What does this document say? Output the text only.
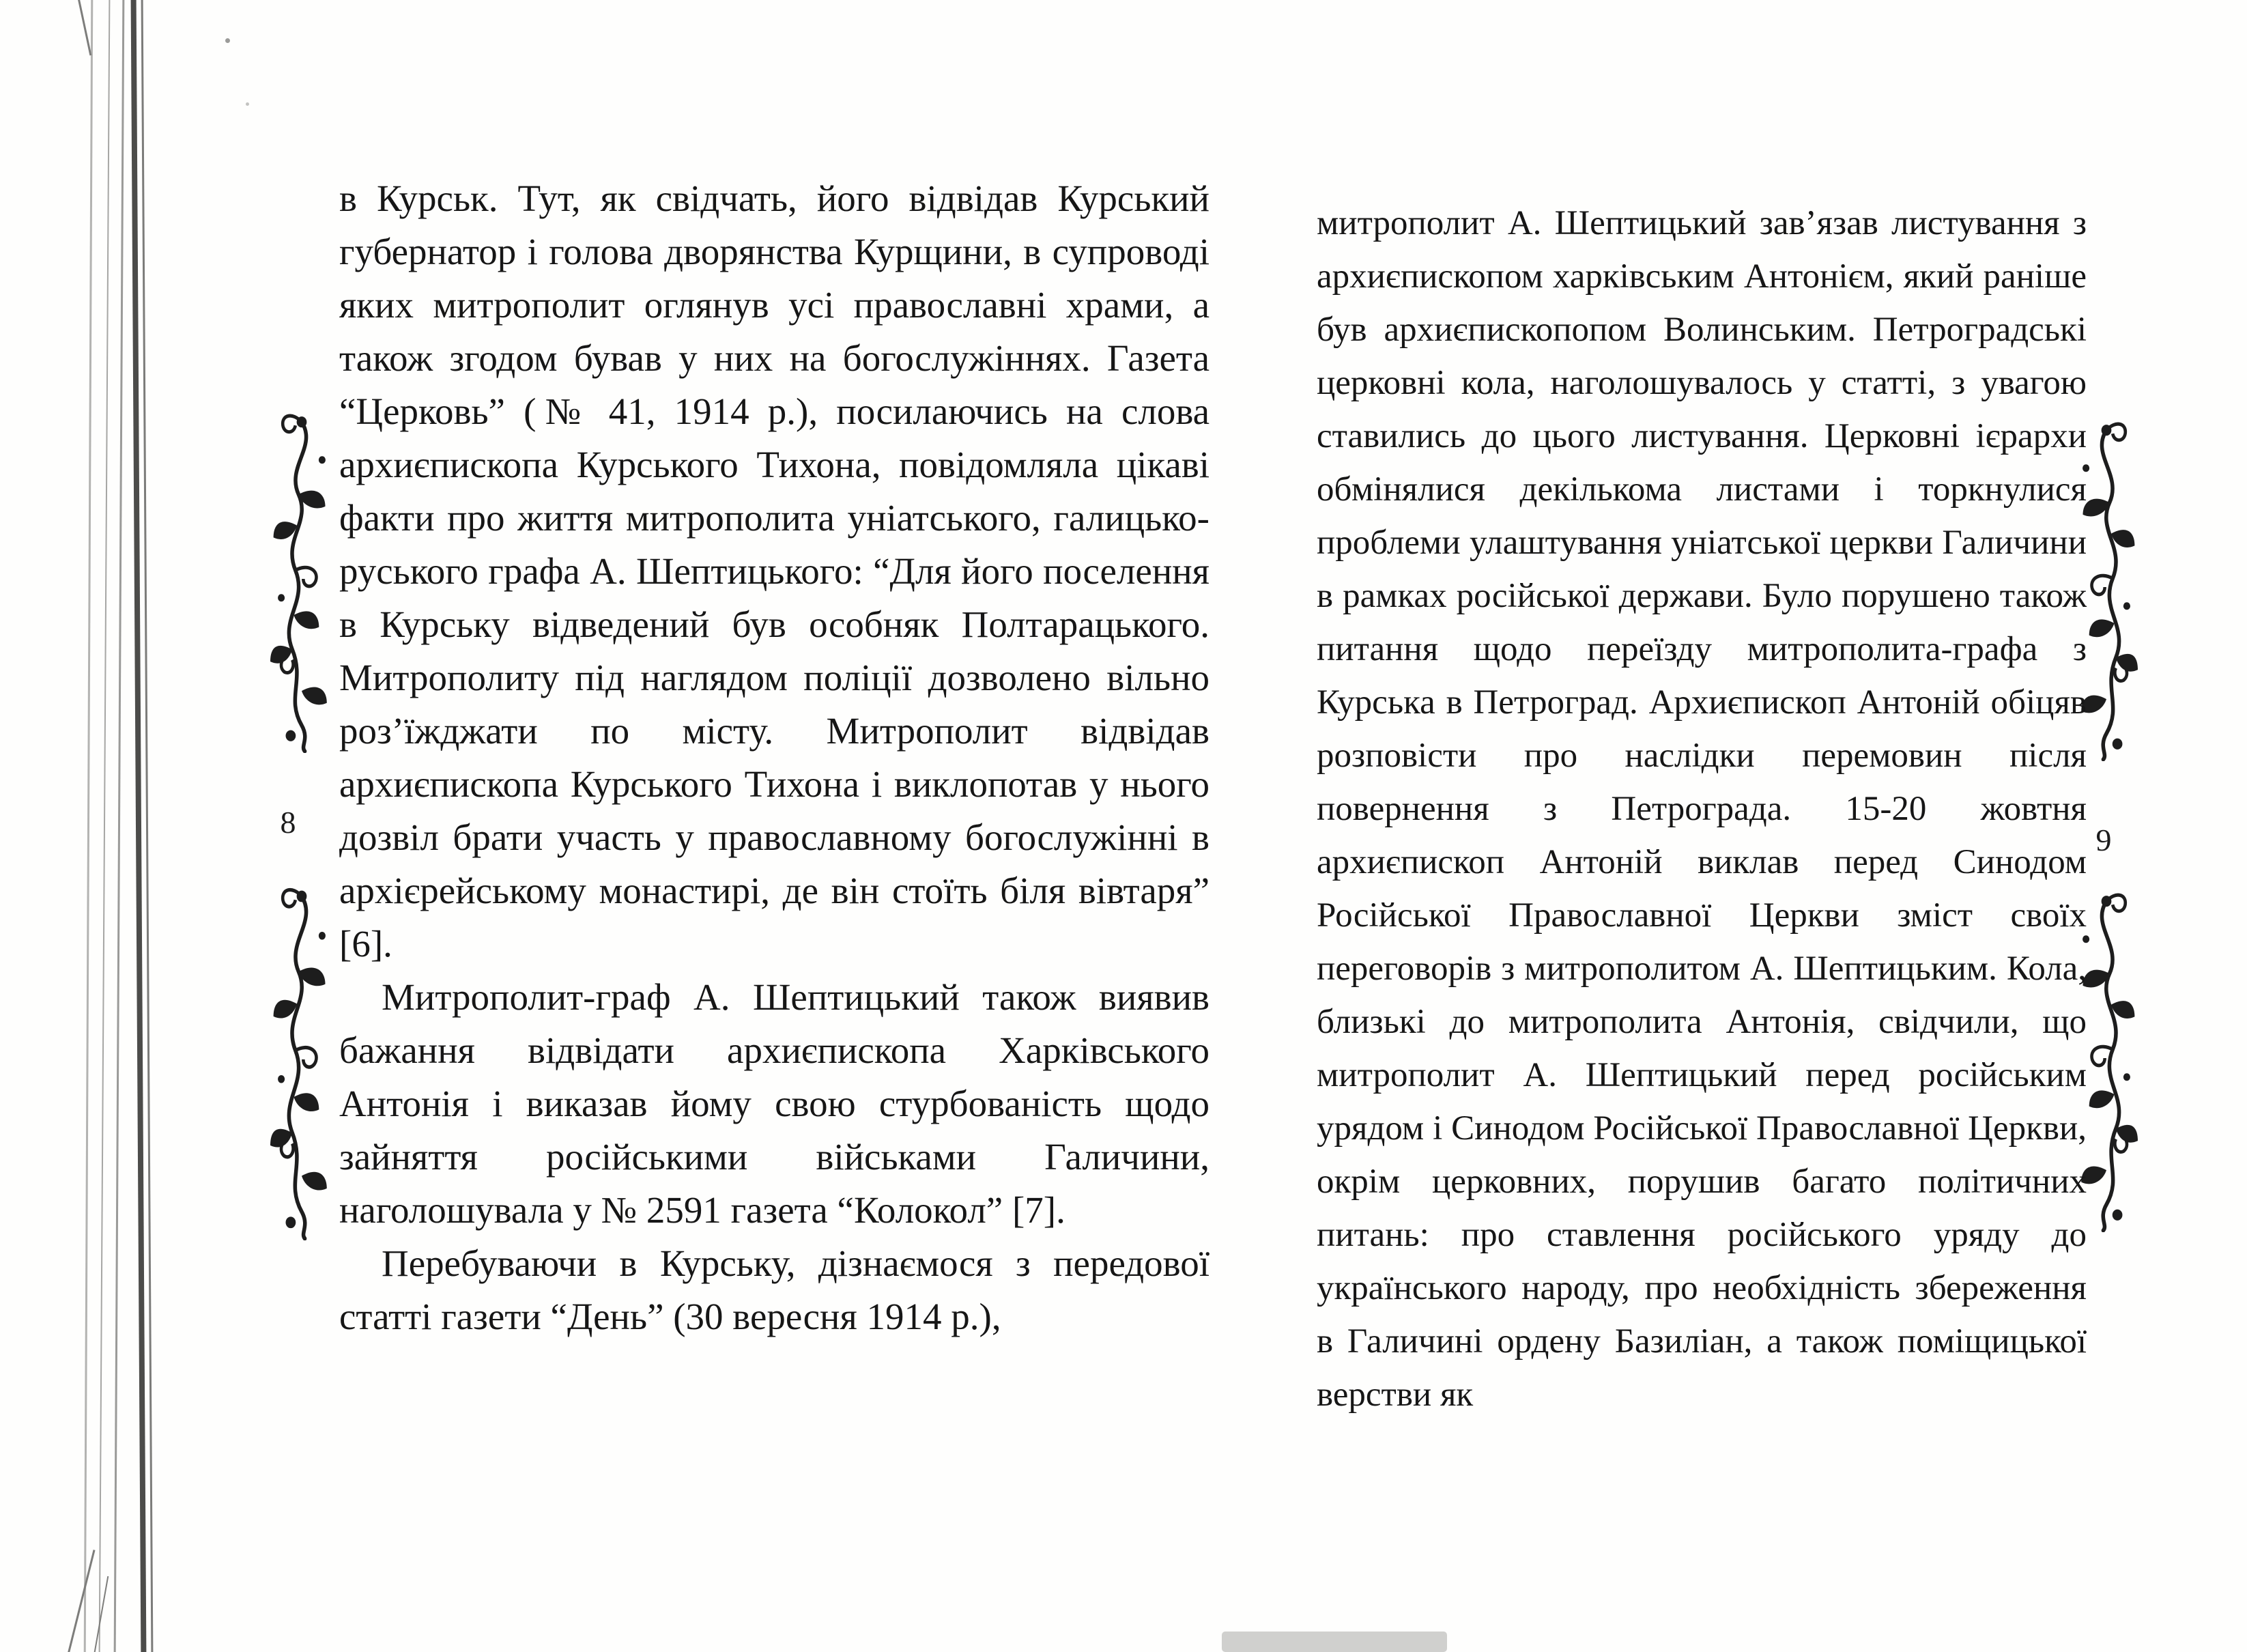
8
9

в Курськ. Тут, як свідчать, його відвідав Курський губернатор і голова дворянства Курщини, в супроводі яких митрополит оглянув усі православні храми, а також згодом бував у них на богослужіннях. Газета “Церковь” (№ 41, 1914 р.), посилаючись на слова архиєпископа Курського Тихона, повідомляла цікаві факти про життя митрополита уніатського, галицько-руського графа А. Шептицького: “Для його поселення в Курську відведений був особняк Полтарацького. Митрополиту під наглядом поліції дозволено вільно роз’їжджати по місту. Митрополит відвідав архиєпископа Курського Тихона і виклопотав у нього дозвіл брати участь у православному богослужінні в архієрейському монастирі, де він стоїть біля вівтаря” [6].

Митрополит-граф А. Шептицький також виявив бажання відвідати архиєпископа Харківського Антонія і виказав йому свою стурбованість щодо зайняття російськими військами Галичини, наголошувала у № 2591 газета “Колокол” [7].

Перебуваючи в Курську, дізнаємося з передової статті газети “День” (30 вересня 1914 р.),

митрополит А. Шептицький зав’язав листування з архиєпископом харківським Антонієм, який раніше був архиєпископопом Волинським. Петроградські церковні кола, наголошувалось у статті, з увагою ставились до цього листування. Церковні ієрархи обмінялися декількома листами і торкнулися проблеми улаштування уніатської церкви Галичини в рамках російської держави. Було порушено також питання щодо переїзду митрополита-графа з Курська в Петроград. Архиєпископ Антоній обіцяв розповісти про наслідки перемовин після повернення з Петрограда. 15-20 жовтня архиєпископ Антоній виклав перед Синодом Російської Православної Церкви зміст своїх переговорів з митрополитом А. Шептицьким. Кола, близькі до митрополита Антонія, свідчили, що митрополит А. Шептицький перед російським урядом і Синодом Російської Православної Церкви, окрім церковних, порушив багато політичних питань: про ставлення російського уряду до українського народу, про необхідність збереження в Галичині ордену Базиліан, а також поміщицької верстви як
